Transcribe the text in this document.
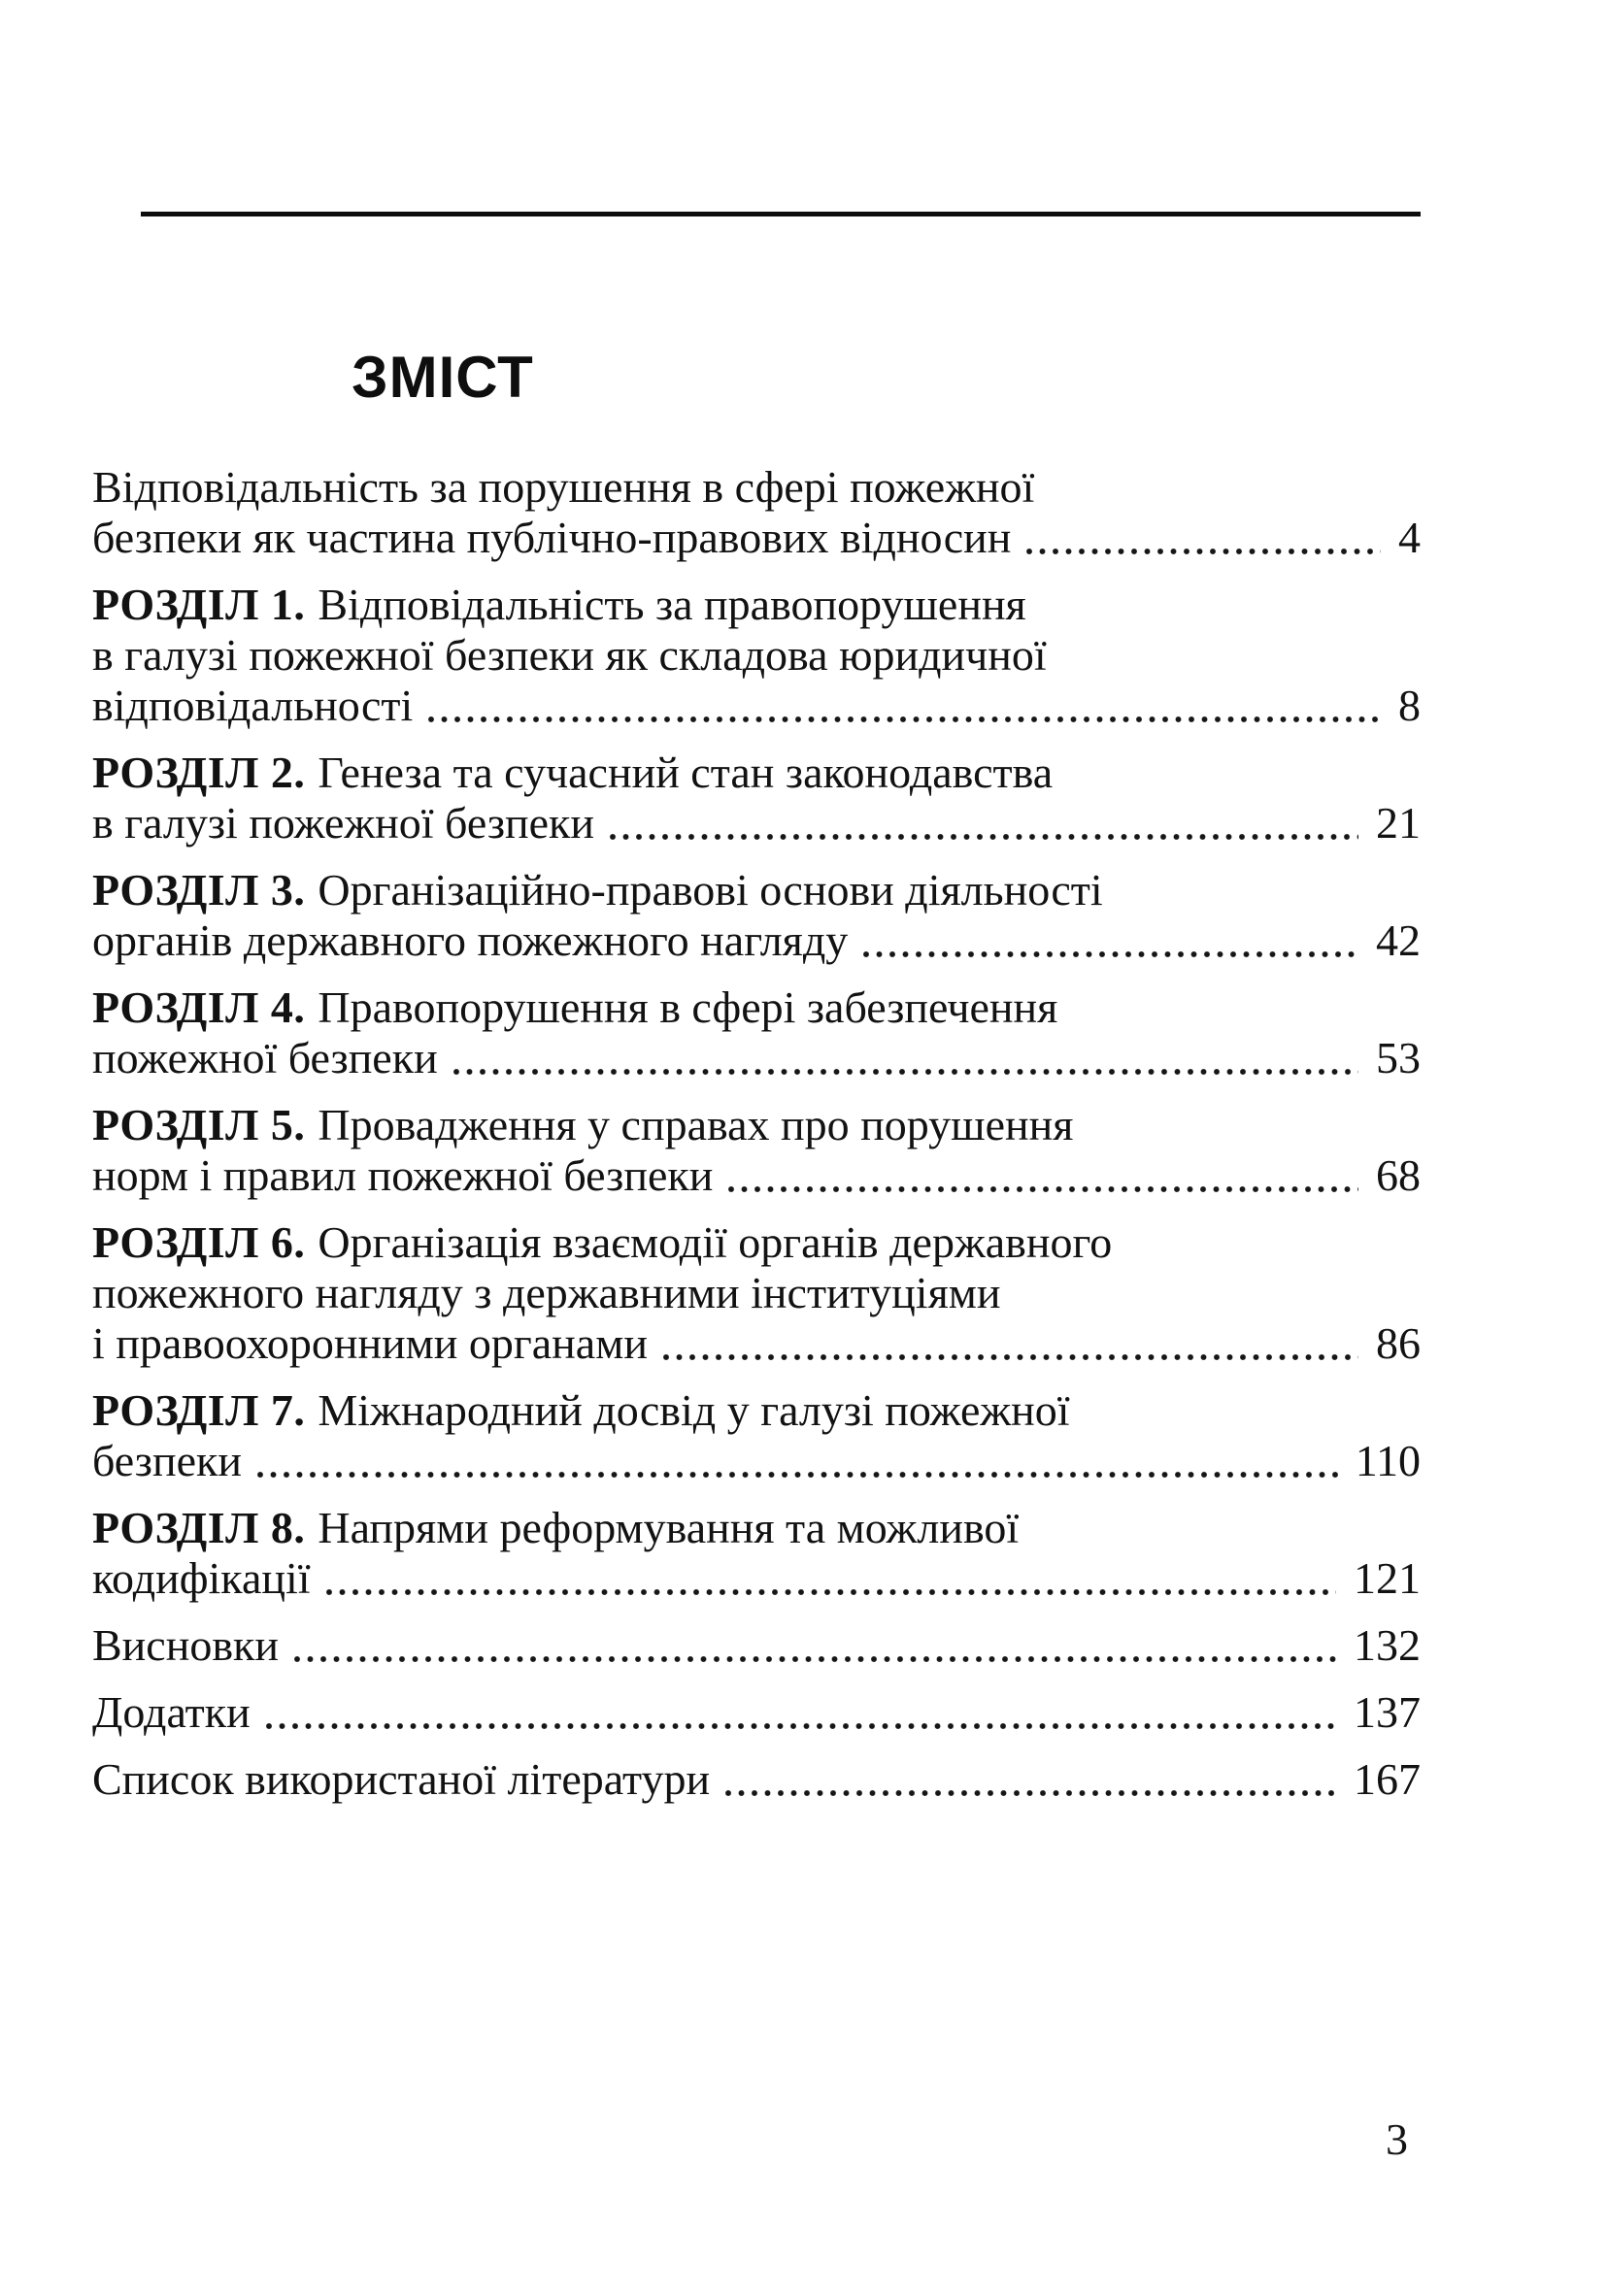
ЗМІСТ
Відповідальність за порушення в сфері пожежної
безпеки як частина публічно-правових відносин	4
РОЗДІЛ 1. Відповідальність за правопорушення
в галузі пожежної безпеки як складова юридичної
відповідальності	8
РОЗДІЛ 2. Генеза та сучасний стан законодавства
в галузі пожежної безпеки	21
РОЗДІЛ 3. Організаційно-правові основи діяльності
органів державного пожежного нагляду	42
РОЗДІЛ 4. Правопорушення в сфері забезпечення
пожежної безпеки	53
РОЗДІЛ 5. Провадження у справах про порушення
норм і правил пожежної безпеки	68
РОЗДІЛ 6. Організація взаємодії органів державного
пожежного нагляду з державними інституціями
і правоохоронними органами	86
РОЗДІЛ 7. Міжнародний досвід у галузі пожежної
безпеки	110
РОЗДІЛ 8. Напрями реформування та можливої
кодифікації	121
Висновки	132
Додатки	137
Список використаної літератури	167
3
